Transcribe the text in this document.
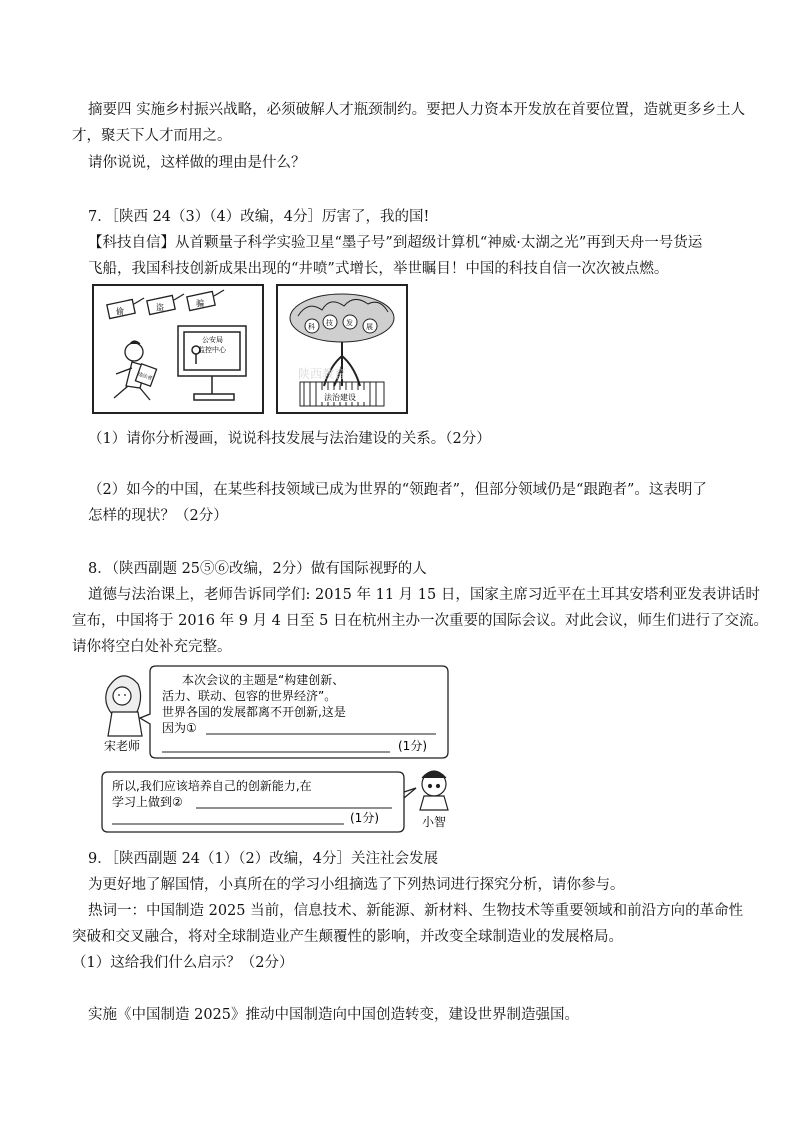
摘要四 实施乡村振兴战略，必须破解人才瓶颈制约。要把人力资本开发放在首要位置，造就更多乡土人
才，聚天下人才而用之。
请你说说，这样做的理由是什么？
7．［陕西 24（3）（4）改编，4分］厉害了，我的国!
【科技自信】从首颗量子科学实验卫星“墨子号”到超级计算机“神威·太湖之光”再到天舟一号货运
飞船，我国科技创新成果出现的“井喷”式增长，举世瞩目！中国的科技自信一次次被点燃。
偷	盗	骗
违法者
公安局
监控中心
科 技 发 展
法治建设
陕西教育
（1）请你分析漫画，说说科技发展与法治建设的关系。（2分）
（2）如今的中国，在某些科技领域已成为世界的“领跑者”，但部分领域仍是“跟跑者”。这表明了
怎样的现状？（2分）
8．（陕西副题 25⑤⑥改编，2分）做有国际视野的人
道德与法治课上，老师告诉同学们: 2015 年 11 月 15 日，国家主席习近平在土耳其安塔利亚发表讲话时
宣布，中国将于 2016 年 9 月 4 日至 5 日在杭州主办一次重要的国际会议。对此会议，师生们进行了交流。
请你将空白处补充完整。
宋老师
本次会议的主题是“构建创新、
活力、联动、包容的世界经济”。
世界各国的发展都离不开创新,这是
因为①
(1分)
所以,我们应该培养自己的创新能力,在
学习上做到②
(1分)	小智
9．［陕西副题 24（1）（2）改编，4分］关注社会发展
为更好地了解国情，小真所在的学习小组摘选了下列热词进行探究分析，请你参与。
热词一：中国制造 2025 当前，信息技术、新能源、新材料、生物技术等重要领域和前沿方向的革命性
突破和交叉融合，将对全球制造业产生颠覆性的影响，并改变全球制造业的发展格局。
（1）这给我们什么启示？（2分）
实施《中国制造 2025》推动中国制造向中国创造转变，建设世界制造强国。
